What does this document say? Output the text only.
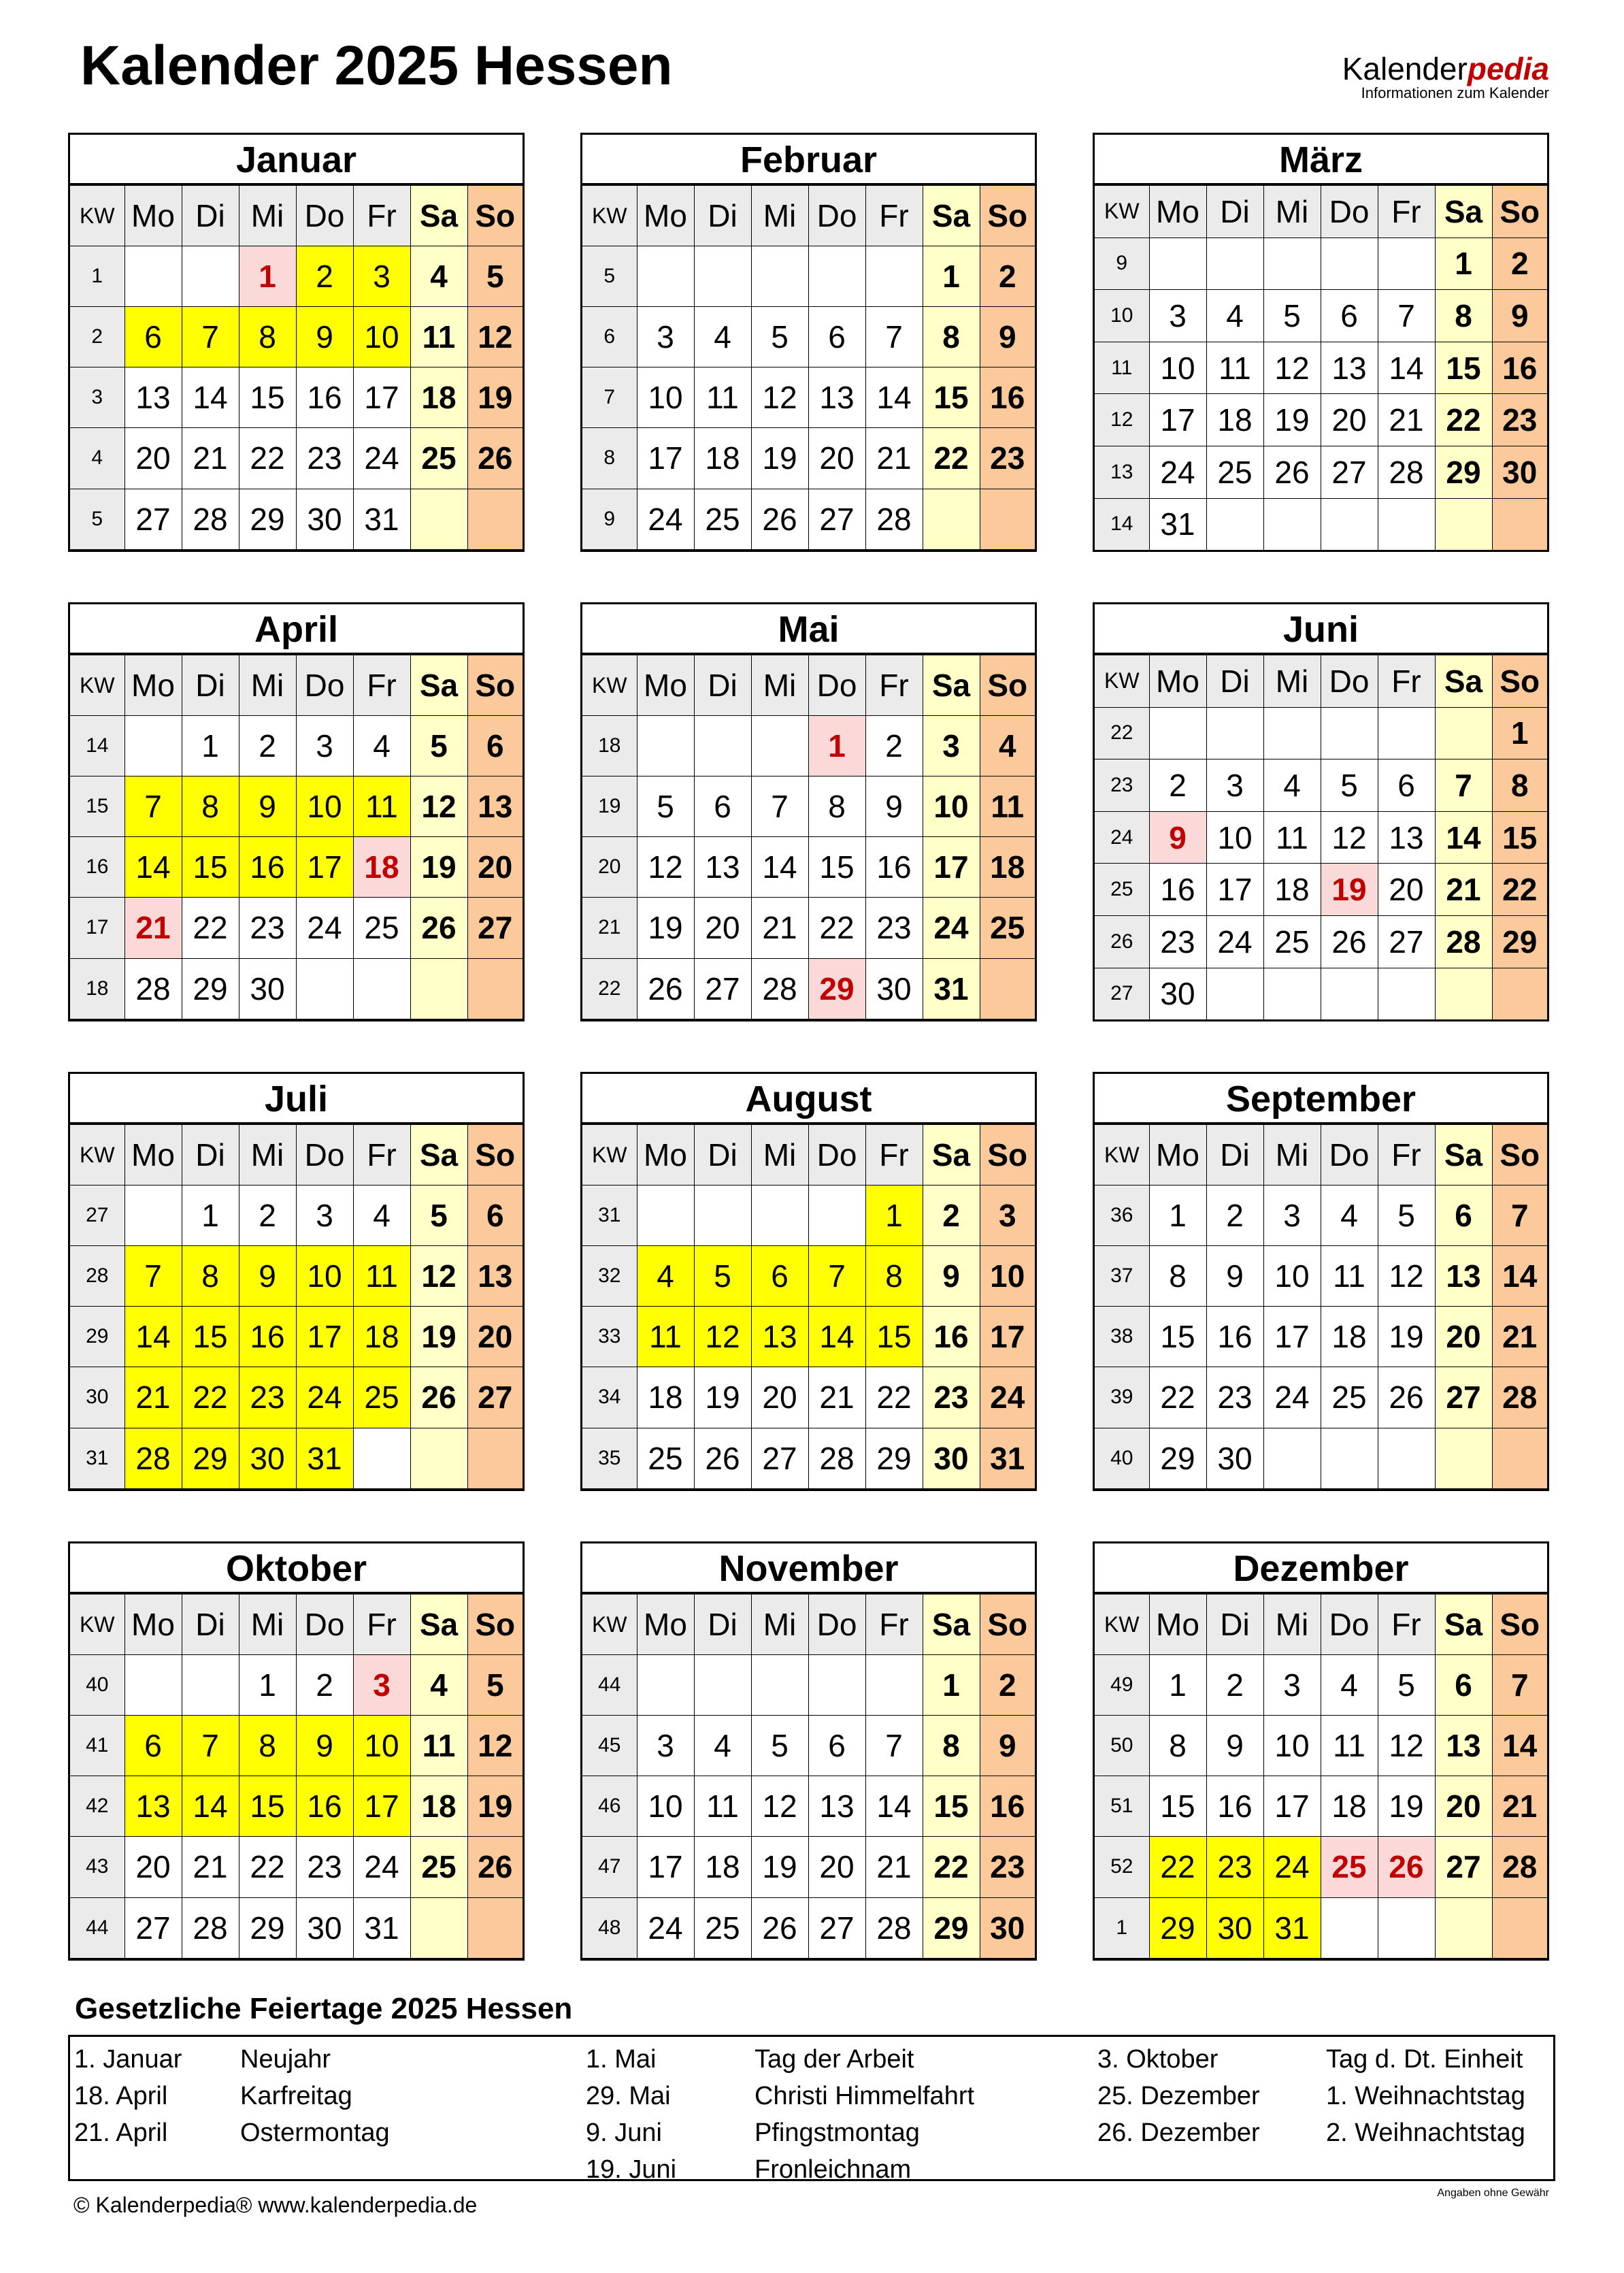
Kalender 2025 Hessen	Kalenderpedia
Informationen zum Kalender
Januar
KW	Mo	Di	Mi	Do	Fr	Sa	So
1			1	2	3	4	5
2	6	7	8	9	10	11	12
3	13	14	15	16	17	18	19
4	20	21	22	23	24	25	26
5	27	28	29	30	31		

Februar
KW	Mo	Di	Mi	Do	Fr	Sa	So
5						1	2
6	3	4	5	6	7	8	9
7	10	11	12	13	14	15	16
8	17	18	19	20	21	22	23
9	24	25	26	27	28		

März
KW	Mo	Di	Mi	Do	Fr	Sa	So
9						1	2
10	3	4	5	6	7	8	9
11	10	11	12	13	14	15	16
12	17	18	19	20	21	22	23
13	24	25	26	27	28	29	30
14	31						
April
KW	Mo	Di	Mi	Do	Fr	Sa	So
14		1	2	3	4	5	6
15	7	8	9	10	11	12	13
16	14	15	16	17	18	19	20
17	21	22	23	24	25	26	27
18	28	29	30				

Mai
KW	Mo	Di	Mi	Do	Fr	Sa	So
18				1	2	3	4
19	5	6	7	8	9	10	11
20	12	13	14	15	16	17	18
21	19	20	21	22	23	24	25
22	26	27	28	29	30	31	

Juni
KW	Mo	Di	Mi	Do	Fr	Sa	So
22							1
23	2	3	4	5	6	7	8
24	9	10	11	12	13	14	15
25	16	17	18	19	20	21	22
26	23	24	25	26	27	28	29
27	30						
Juli
KW	Mo	Di	Mi	Do	Fr	Sa	So
27		1	2	3	4	5	6
28	7	8	9	10	11	12	13
29	14	15	16	17	18	19	20
30	21	22	23	24	25	26	27
31	28	29	30	31			

August
KW	Mo	Di	Mi	Do	Fr	Sa	So
31					1	2	3
32	4	5	6	7	8	9	10
33	11	12	13	14	15	16	17
34	18	19	20	21	22	23	24
35	25	26	27	28	29	30	31

September
KW	Mo	Di	Mi	Do	Fr	Sa	So
36	1	2	3	4	5	6	7
37	8	9	10	11	12	13	14
38	15	16	17	18	19	20	21
39	22	23	24	25	26	27	28
40	29	30					

Oktober
KW	Mo	Di	Mi	Do	Fr	Sa	So
40			1	2	3	4	5
41	6	7	8	9	10	11	12
42	13	14	15	16	17	18	19
43	20	21	22	23	24	25	26
44	27	28	29	30	31		

November
KW	Mo	Di	Mi	Do	Fr	Sa	So
44						1	2
45	3	4	5	6	7	8	9
46	10	11	12	13	14	15	16
47	17	18	19	20	21	22	23
48	24	25	26	27	28	29	30

Dezember
KW	Mo	Di	Mi	Do	Fr	Sa	So
49	1	2	3	4	5	6	7
50	8	9	10	11	12	13	14
51	15	16	17	18	19	20	21
52	22	23	24	25	26	27	28
1	29	30	31				

Gesetzliche Feiertage 2025 Hessen
1. Januar Neujahr
18. April	Karfreitag
21. April	Ostermontag
1. Mai	Tag der Arbeit
29. Mai	Christi Himmelfahrt
9. Juni	Pfingstmontag
19. Juni	Fronleichnam
3. Oktober	Tag d. Dt. Einheit
25. Dezember	1. Weihnachtstag
26. Dezember	2. Weihnachtstag
© Kalenderpedia® www.kalenderpedia.de	Angaben ohne Gewähr
